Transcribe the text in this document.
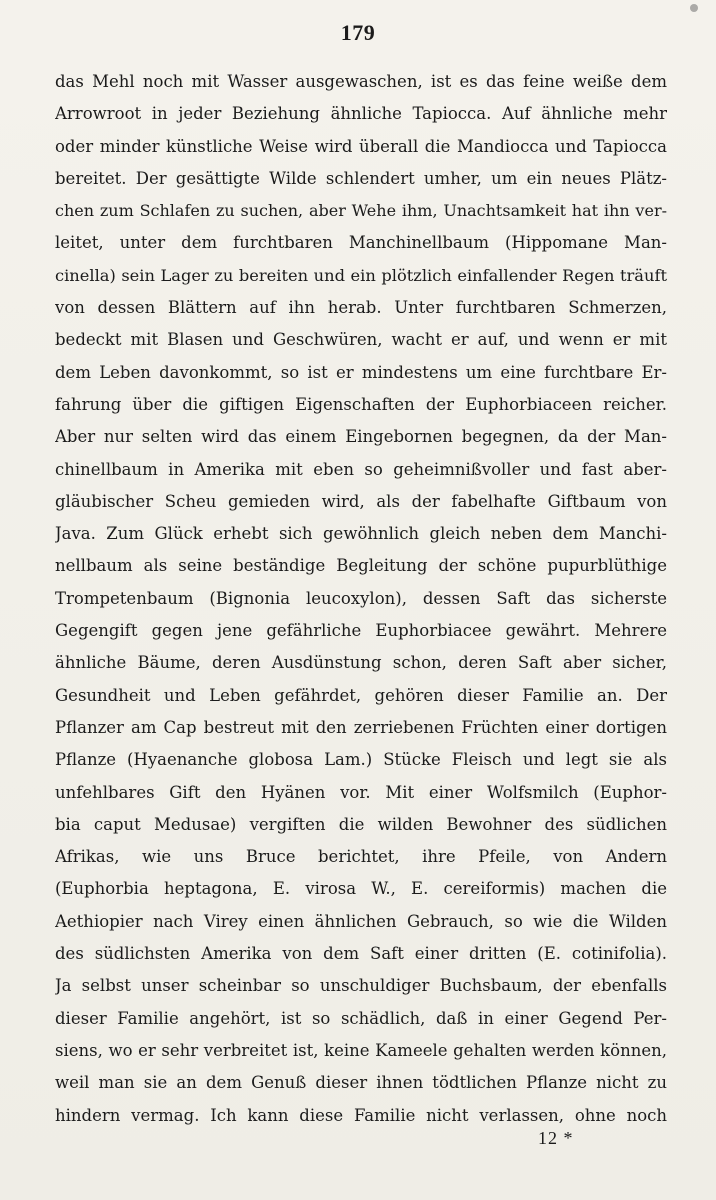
179
das Mehl noch mit Wasser ausgewaschen, ist es das feine weiße dem
Arrowroot in jeder Beziehung ähnliche Tapiocca. Auf ähnliche mehr
oder minder künstliche Weise wird überall die Mandiocca und Tapiocca
bereitet. Der gesättigte Wilde schlendert umher, um ein neues Plätz-
chen zum Schlafen zu suchen, aber Wehe ihm, Unachtsamkeit hat ihn ver-
leitet, unter dem furchtbaren Manchinellbaum (Hippomane Man-
cinella) sein Lager zu bereiten und ein plötzlich einfallender Regen träuft
von dessen Blättern auf ihn herab. Unter furchtbaren Schmerzen,
bedeckt mit Blasen und Geschwüren, wacht er auf, und wenn er mit
dem Leben davonkommt, so ist er mindestens um eine furchtbare Er-
fahrung über die giftigen Eigenschaften der Euphorbiaceen reicher.
Aber nur selten wird das einem Eingebornen begegnen, da der Man-
chinellbaum in Amerika mit eben so geheimnißvoller und fast aber-
gläubischer Scheu gemieden wird, als der fabelhafte Giftbaum von
Java. Zum Glück erhebt sich gewöhnlich gleich neben dem Manchi-
nellbaum als seine beständige Begleitung der schöne pupurblüthige
Trompetenbaum (Bignonia leucoxylon), dessen Saft das sicherste
Gegengift gegen jene gefährliche Euphorbiacee gewährt. Mehrere
ähnliche Bäume, deren Ausdünstung schon, deren Saft aber sicher,
Gesundheit und Leben gefährdet, gehören dieser Familie an. Der
Pflanzer am Cap bestreut mit den zerriebenen Früchten einer dortigen
Pflanze (Hyaenanche globosa Lam.) Stücke Fleisch und legt sie als
unfehlbares Gift den Hyänen vor. Mit einer Wolfsmilch (Euphor-
bia caput Medusae) vergiften die wilden Bewohner des südlichen
Afrikas, wie uns Bruce berichtet, ihre Pfeile, von Andern
(Euphorbia heptagona, E. virosa W., E. cereiformis) machen die
Aethiopier nach Virey einen ähnlichen Gebrauch, so wie die Wilden
des südlichsten Amerika von dem Saft einer dritten (E. cotinifolia).
Ja selbst unser scheinbar so unschuldiger Buchsbaum, der ebenfalls
dieser Familie angehört, ist so schädlich, daß in einer Gegend Per-
siens, wo er sehr verbreitet ist, keine Kameele gehalten werden können,
weil man sie an dem Genuß dieser ihnen tödtlichen Pflanze nicht zu
hindern vermag. Ich kann diese Familie nicht verlassen, ohne noch
12 *
